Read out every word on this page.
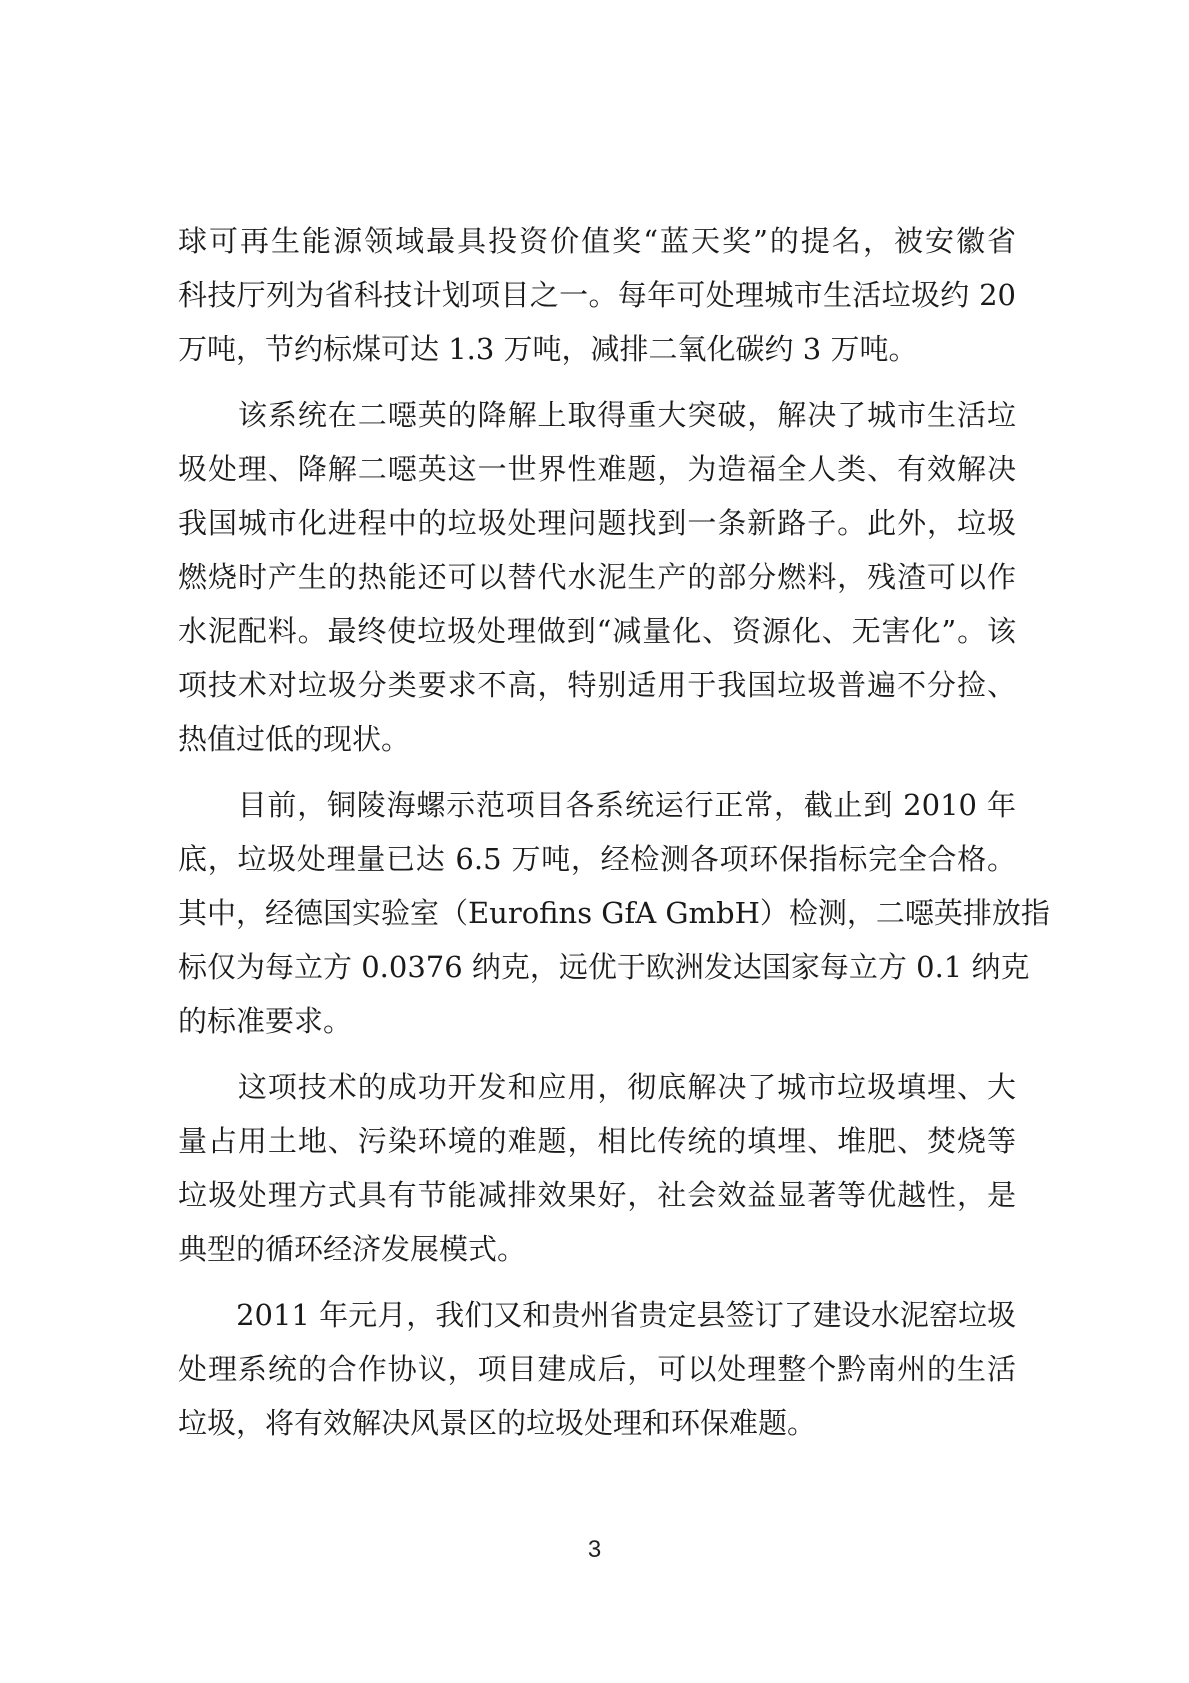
球可再生能源领域最具投资价值奖“蓝天奖”的提名，被安徽省
科技厅列为省科技计划项目之一。每年可处理城市生活垃圾约 20
万吨，节约标煤可达 1.3 万吨，减排二氧化碳约 3 万吨。
　　该系统在二噁英的降解上取得重大突破，解决了城市生活垃
圾处理、降解二噁英这一世界性难题，为造福全人类、有效解决
我国城市化进程中的垃圾处理问题找到一条新路子。此外，垃圾
燃烧时产生的热能还可以替代水泥生产的部分燃料，残渣可以作
水泥配料。最终使垃圾处理做到“减量化、资源化、无害化”。该
项技术对垃圾分类要求不高，特别适用于我国垃圾普遍不分捡、
热值过低的现状。
　　目前，铜陵海螺示范项目各系统运行正常，截止到 2010 年
底，垃圾处理量已达 6.5 万吨，经检测各项环保指标完全合格。
其中，经德国实验室（Eurofins GfA GmbH）检测，二噁英排放指
标仅为每立方 0.0376 纳克，远优于欧洲发达国家每立方 0.1 纳克
的标准要求。
　　这项技术的成功开发和应用，彻底解决了城市垃圾填埋、大
量占用土地、污染环境的难题，相比传统的填埋、堆肥、焚烧等
垃圾处理方式具有节能减排效果好，社会效益显著等优越性，是
典型的循环经济发展模式。
　　2011 年元月，我们又和贵州省贵定县签订了建设水泥窑垃圾
处理系统的合作协议，项目建成后，可以处理整个黔南州的生活
垃圾，将有效解决风景区的垃圾处理和环保难题。
3
